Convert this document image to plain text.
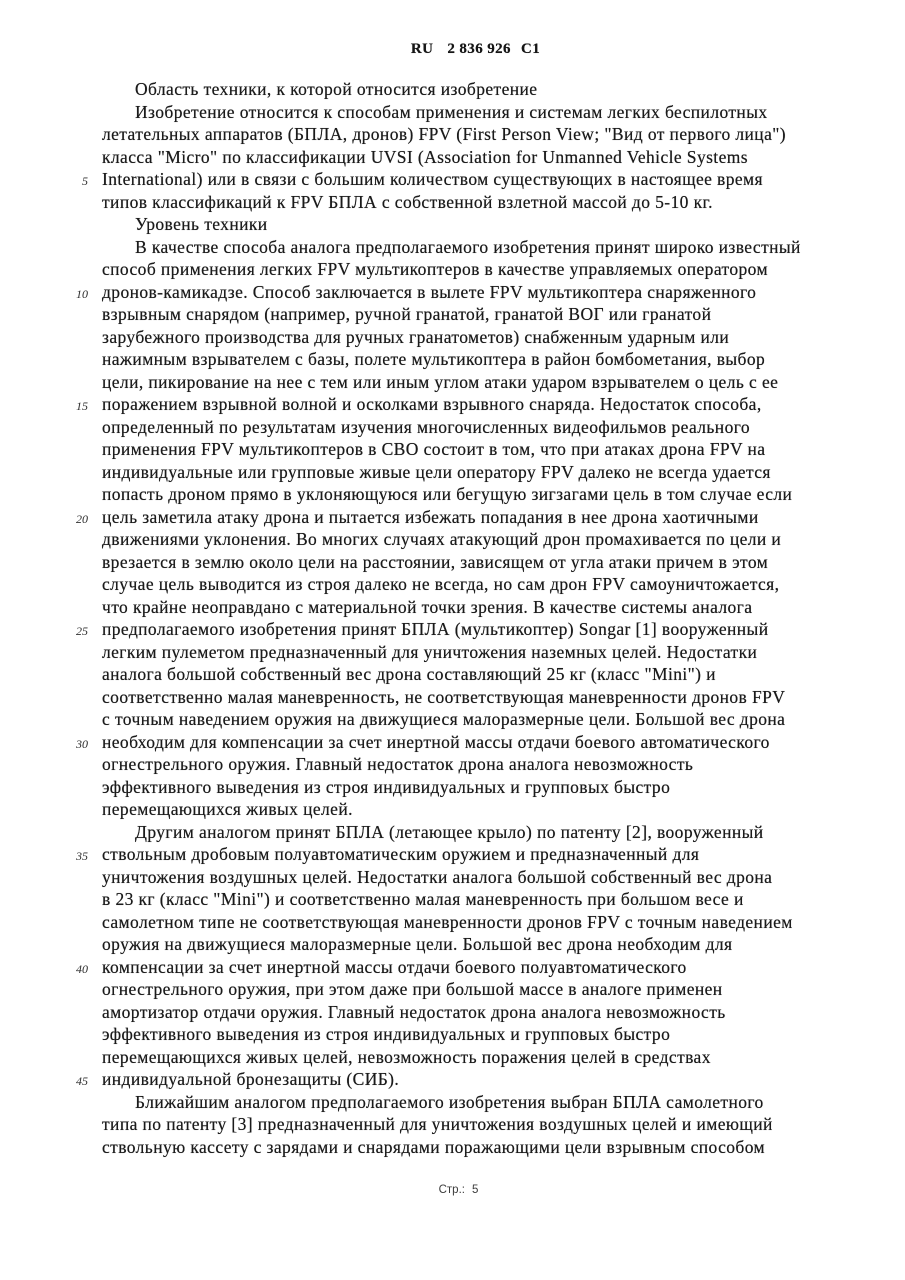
RU 2 836 926 C1
Область техники, к которой относится изобретение
Изобретение относится к способам применения и системам легких беспилотных
летательных аппаратов (БПЛА, дронов) FPV (First Person View; "Вид от первого лица")
класса "Micro" по классификации UVSI (Association for Unmanned Vehicle Systems
5 International) или в связи с большим количеством существующих в настоящее время
типов классификаций к FPV БПЛА с собственной взлетной массой до 5-10 кг.
Уровень техники
В качестве способа аналога предполагаемого изобретения принят широко известный
способ применения легких FPV мультикоптеров в качестве управляемых оператором
10 дронов-камикадзе. Способ заключается в вылете FPV мультикоптера снаряженного
взрывным снарядом (например, ручной гранатой, гранатой ВОГ или гранатой
зарубежного производства для ручных гранатометов) снабженным ударным или
нажимным взрывателем с базы, полете мультикоптера в район бомбометания, выбор
цели, пикирование на нее с тем или иным углом атаки ударом взрывателем о цель с ее
15 поражением взрывной волной и осколками взрывного снаряда. Недостаток способа,
определенный по результатам изучения многочисленных видеофильмов реального
применения FPV мультикоптеров в СВО состоит в том, что при атаках дрона FPV на
индивидуальные или групповые живые цели оператору FPV далеко не всегда удается
попасть дроном прямо в уклоняющуюся или бегущую зигзагами цель в том случае если
20 цель заметила атаку дрона и пытается избежать попадания в нее дрона хаотичными
движениями уклонения. Во многих случаях атакующий дрон промахивается по цели и
врезается в землю около цели на расстоянии, зависящем от угла атаки причем в этом
случае цель выводится из строя далеко не всегда, но сам дрон FPV самоуничтожается,
что крайне неоправдано с материальной точки зрения. В качестве системы аналога
25 предполагаемого изобретения принят БПЛА (мультикоптер) Songar [1] вооруженный
легким пулеметом предназначенный для уничтожения наземных целей. Недостатки
аналога большой собственный вес дрона составляющий 25 кг (класс "Mini") и
соответственно малая маневренность, не соответствующая маневренности дронов FPV
с точным наведением оружия на движущиеся малоразмерные цели. Большой вес дрона
30 необходим для компенсации за счет инертной массы отдачи боевого автоматического
огнестрельного оружия. Главный недостаток дрона аналога невозможность
эффективного выведения из строя индивидуальных и групповых быстро
перемещающихся живых целей.
Другим аналогом принят БПЛА (летающее крыло) по патенту [2], вооруженный
35 ствольным дробовым полуавтоматическим оружием и предназначенный для
уничтожения воздушных целей. Недостатки аналога большой собственный вес дрона
в 23 кг (класс "Mini") и соответственно малая маневренность при большом весе и
самолетном типе не соответствующая маневренности дронов FPV с точным наведением
оружия на движущиеся малоразмерные цели. Большой вес дрона необходим для
40 компенсации за счет инертной массы отдачи боевого полуавтоматического
огнестрельного оружия, при этом даже при большой массе в аналоге применен
амортизатор отдачи оружия. Главный недостаток дрона аналога невозможность
эффективного выведения из строя индивидуальных и групповых быстро
перемещающихся живых целей, невозможность поражения целей в средствах
45 индивидуальной бронезащиты (СИБ).
Ближайшим аналогом предполагаемого изобретения выбран БПЛА самолетного
типа по патенту [3] предназначенный для уничтожения воздушных целей и имеющий
ствольную кассету с зарядами и снарядами поражающими цели взрывным способом
Стр.: 5
